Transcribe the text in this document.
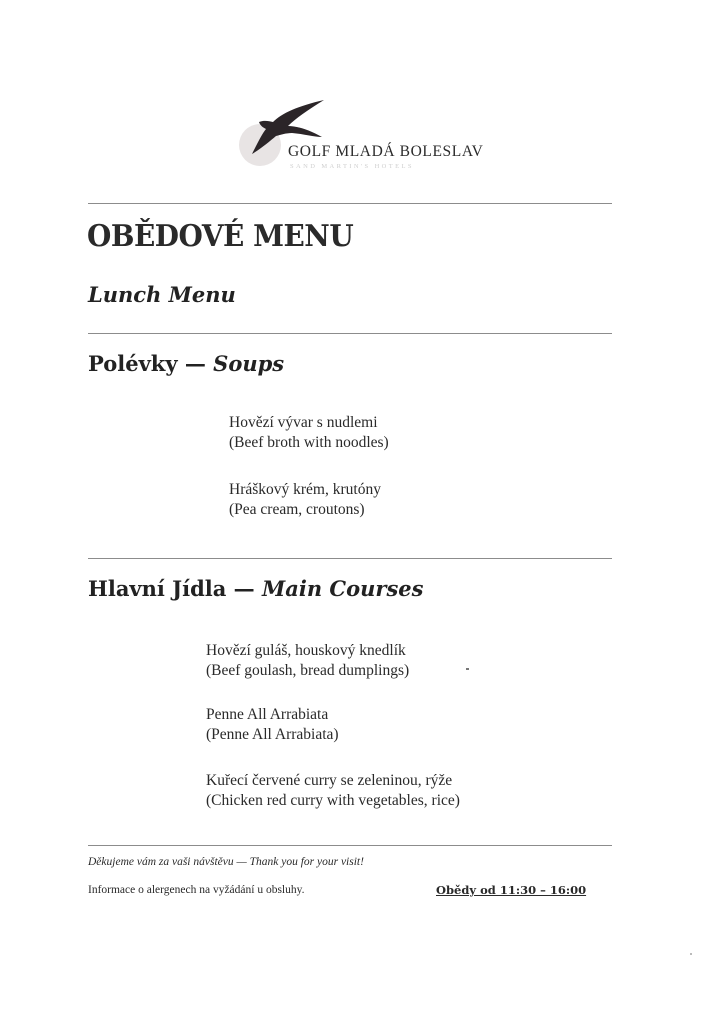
GOLF MLADÁ BOLESLAV
SAND MARTIN'S HOTELS
OBĚDOVÉ MENU
Lunch Menu
Polévky — Soups
Hovězí vývar s nudlemi
(Beef broth with noodles)
Hráškový krém, krutóny
(Pea cream, croutons)
Hlavní Jídla — Main Courses
Hovězí guláš, houskový knedlík
(Beef goulash, bread dumplings)
Penne All Arrabiata
(Penne All Arrabiata)
Kuřecí červené curry se zeleninou, rýže
(Chicken red curry with vegetables, rice)
Děkujeme vám za vaši návštěvu — Thank you for your visit!
Informace o alergenech na vyžádání u obsluhy.	Obědy od 11:30 – 16:00
